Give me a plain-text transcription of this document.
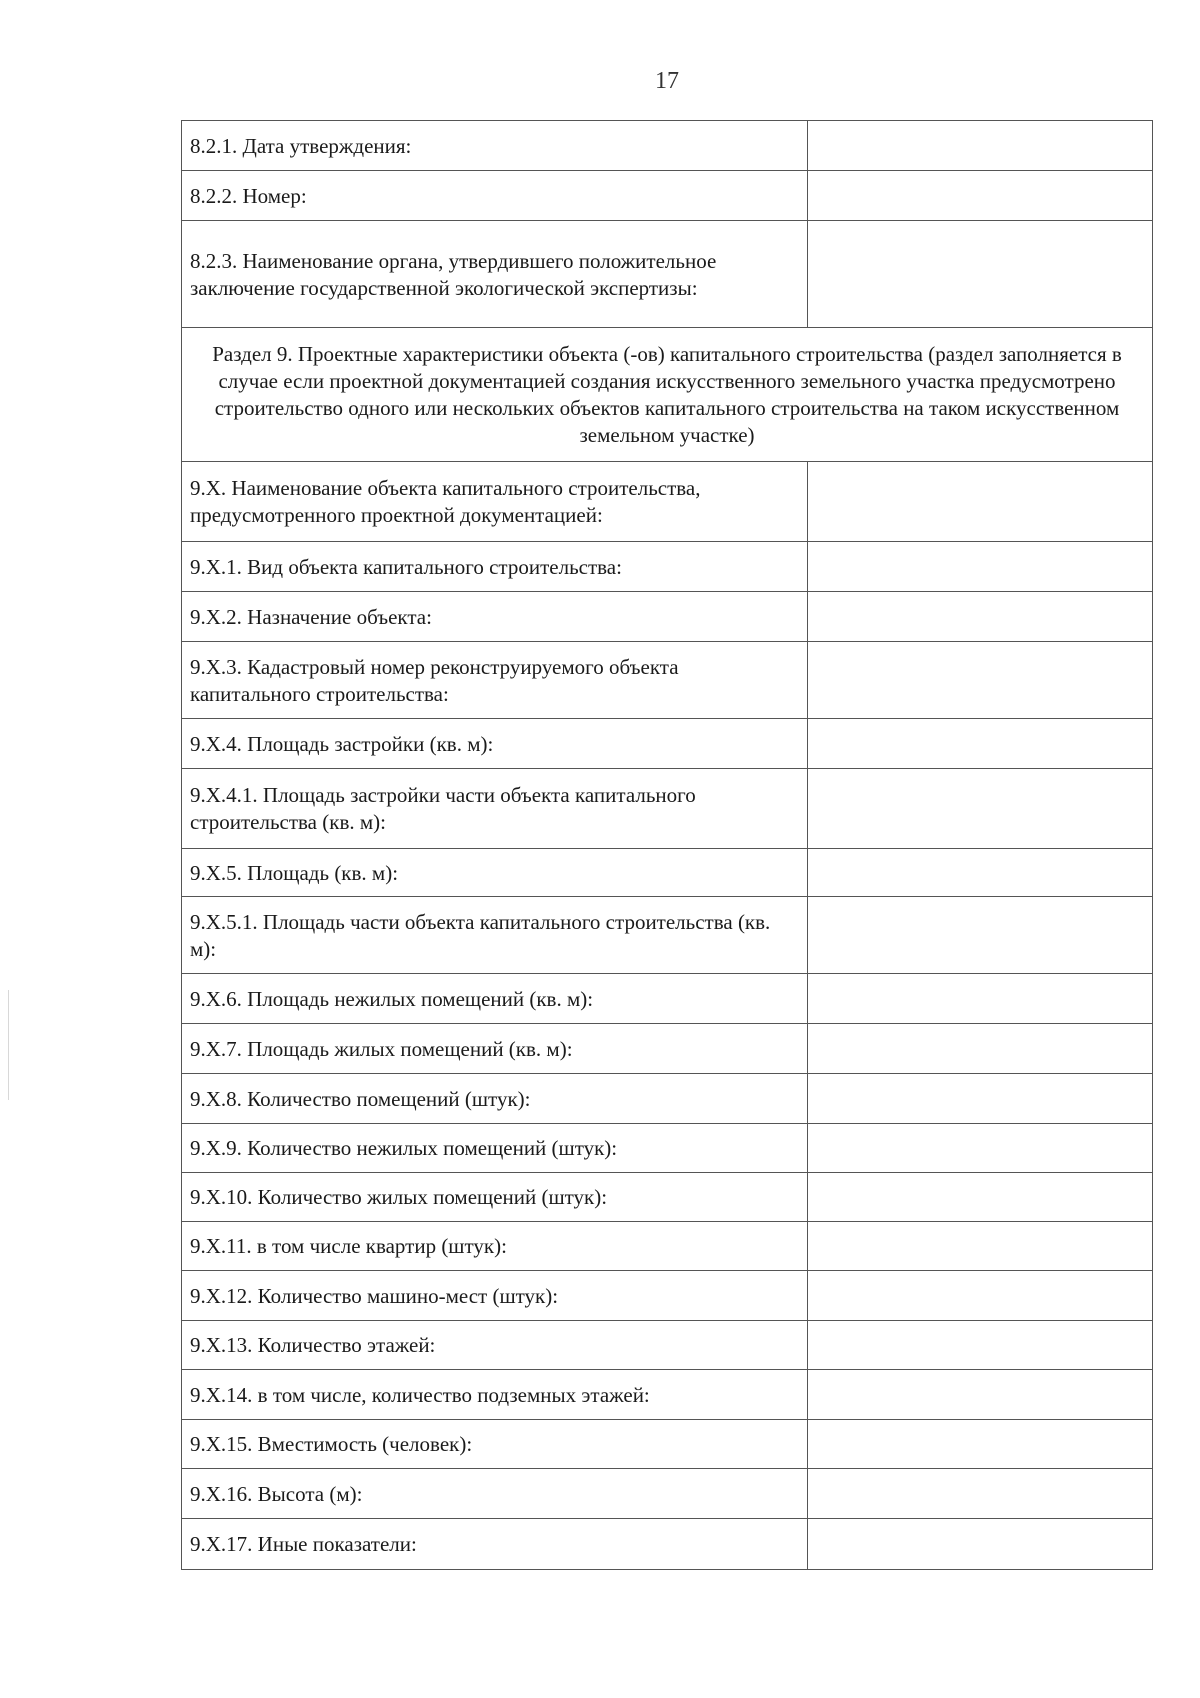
17
8.2.1. Дата утверждения:	
8.2.2. Номер:	
8.2.3. Наименование органа, утвердившего положительное заключение государственной экологической экспертизы:	
Раздел 9. Проектные характеристики объекта (-ов) капитального строительства (раздел заполняется в случае если проектной документацией создания искусственного земельного участка предусмотрено строительство одного или нескольких объектов капитального строительства на таком искусственном земельном участке)	
9.X. Наименование объекта капитального строительства, предусмотренного проектной документацией:	
9.X.1. Вид объекта капитального строительства:	
9.X.2. Назначение объекта:	
9.X.3. Кадастровый номер реконструируемого объекта капитального строительства:	
9.X.4. Площадь застройки (кв. м):	
9.X.4.1. Площадь застройки части объекта капитального строительства (кв. м):	
9.X.5. Площадь (кв. м):	
9.X.5.1. Площадь части объекта капитального строительства (кв. м):	
9.X.6. Площадь нежилых помещений (кв. м):	
9.X.7. Площадь жилых помещений (кв. м):	
9.X.8. Количество помещений (штук):	
9.X.9. Количество нежилых помещений (штук):	
9.X.10. Количество жилых помещений (штук):	
9.X.11. в том числе квартир (штук):	
9.X.12. Количество машино-мест (штук):	
9.X.13. Количество этажей:	
9.X.14. в том числе, количество подземных этажей:	
9.X.15. Вместимость (человек):	
9.X.16. Высота (м):	
9.X.17. Иные показатели:	
